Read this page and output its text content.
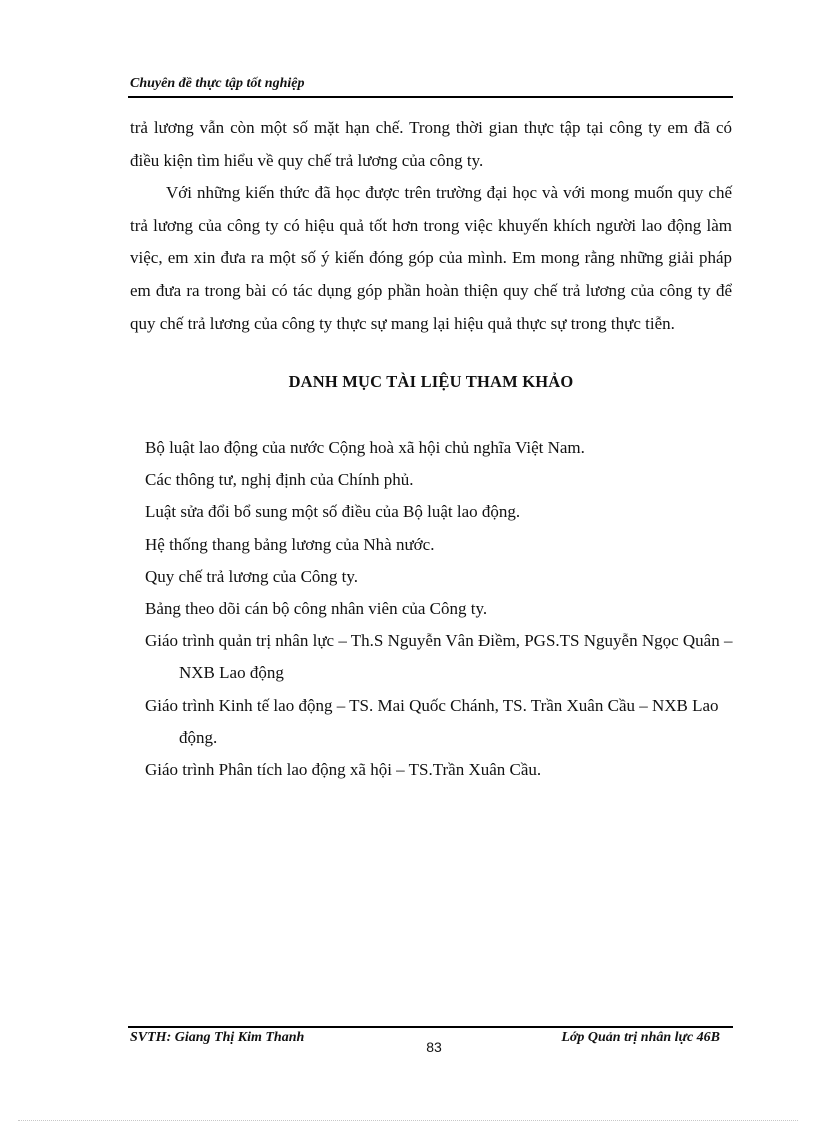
Chuyên đề thực tập tốt nghiệp

trả lương vẫn còn một số mặt hạn chế. Trong thời gian thực tập tại công ty em đã có điều kiện tìm hiểu về quy chế trả lương của công ty.

Với những kiến thức đã học được trên trường đại học và với mong muốn quy chế trả lương của công ty có hiệu quả tốt hơn trong việc khuyến khích người lao động làm việc, em xin đưa ra một số ý kiến đóng góp của mình. Em mong rằng những giải pháp em đưa ra trong bài có tác dụng góp phần hoàn thiện quy chế trả lương của công ty để quy chế trả lương của công ty thực sự mang lại hiệu quả thực sự trong thực tiễn.

DANH MỤC TÀI LIỆU THAM KHẢO

Bộ luật lao động của nước Cộng hoà xã hội chủ nghĩa Việt Nam.

Các thông tư, nghị định của Chính phủ.

Luật sửa đổi bổ sung một số điều của Bộ luật lao động.

Hệ thống thang bảng lương của Nhà nước.

Quy chế trả lương của Công ty.

Bảng theo dõi cán bộ công nhân viên của Công ty.

Giáo trình quản trị nhân lực – Th.S Nguyễn Vân Điềm, PGS.TS Nguyễn Ngọc Quân – NXB Lao động

Giáo trình Kinh tế lao động – TS. Mai Quốc Chánh, TS. Trần Xuân Cầu – NXB Lao động.

Giáo trình Phân tích lao động xã hội – TS.Trần Xuân Cầu.

SVTH: Giang Thị Kim Thanh
83
Lớp Quản trị nhân lực 46B
